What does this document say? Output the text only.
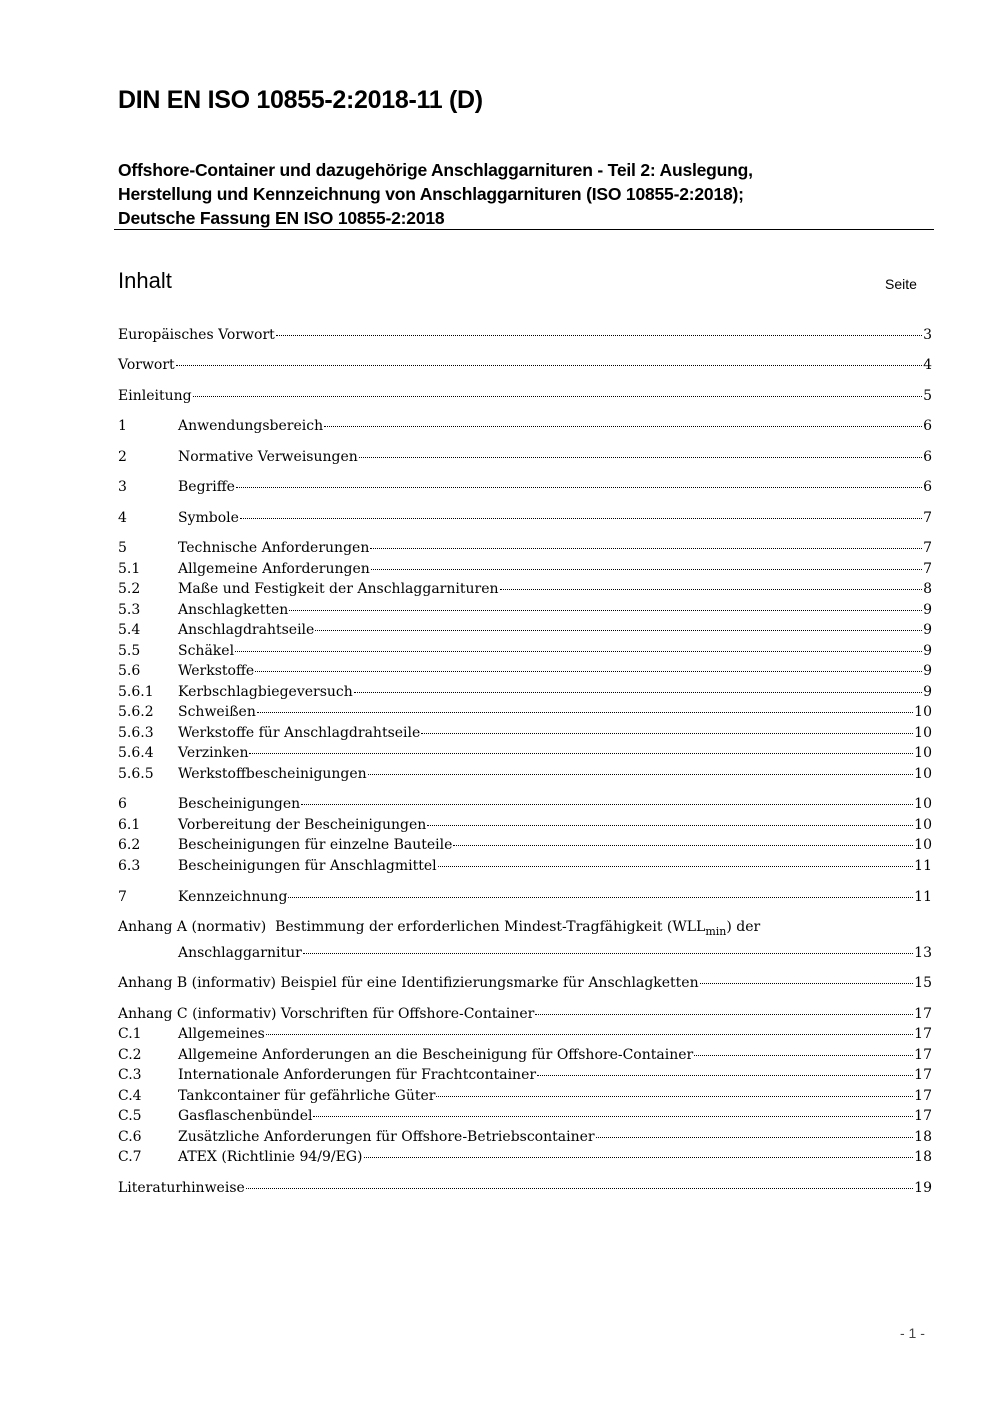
DIN EN ISO 10855-2:2018-11 (D)
Offshore-Container und dazugehörige Anschlaggarnituren - Teil 2: Auslegung,
Herstellung und Kennzeichnung von Anschlaggarnituren (ISO 10855-2:2018);
Deutsche Fassung EN ISO 10855-2:2018
Inhalt	Seite
Europäisches Vorwort	3
Vorwort	4
Einleitung	5
1	Anwendungsbereich	6
2	Normative Verweisungen	6
3	Begriffe	6
4	Symbole	7
5	Technische Anforderungen	7
5.1	Allgemeine Anforderungen	7
5.2	Maße und Festigkeit der Anschlaggarnituren	8
5.3	Anschlagketten	9
5.4	Anschlagdrahtseile	9
5.5	Schäkel	9
5.6	Werkstoffe	9
5.6.1	Kerbschlagbiegeversuch	9
5.6.2	Schweißen	10
5.6.3	Werkstoffe für Anschlagdrahtseile	10
5.6.4	Verzinken	10
5.6.5	Werkstoffbescheinigungen	10
6	Bescheinigungen	10
6.1	Vorbereitung der Bescheinigungen	10
6.2	Bescheinigungen für einzelne Bauteile	10
6.3	Bescheinigungen für Anschlagmittel	11
7	Kennzeichnung	11
Anhang A (normativ) Bestimmung der erforderlichen Mindest-Tragfähigkeit $(WLL_{min})$ der
Anschlaggarnitur	13
Anhang B (informativ) Beispiel für eine Identifizierungsmarke für Anschlagketten	15
Anhang C (informativ) Vorschriften für Offshore-Container	17
C.1	Allgemeines	17
C.2	Allgemeine Anforderungen an die Bescheinigung für Offshore-Container	17
C.3	Internationale Anforderungen für Frachtcontainer	17
C.4	Tankcontainer für gefährliche Güter	17
C.5	Gasflaschenbündel	17
C.6	Zusätzliche Anforderungen für Offshore-Betriebscontainer	18
C.7	ATEX (Richtlinie 94/9/EG)	18
Literaturhinweise	19
- 1 -
